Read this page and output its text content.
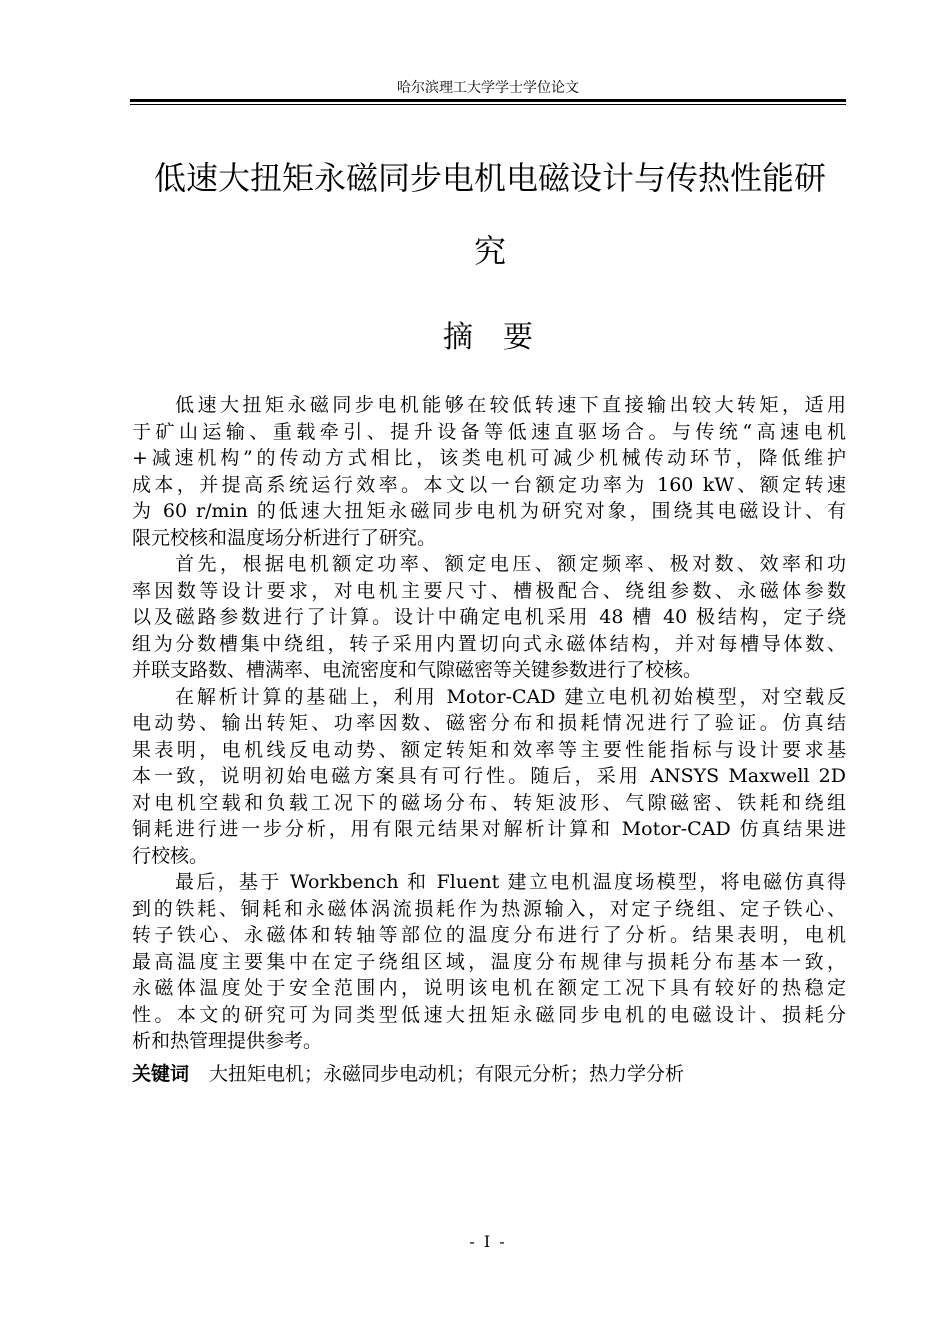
哈尔滨理工大学学士学位论文
低速大扭矩永磁同步电机电磁设计与传热性能研
究
摘要
低速大扭矩永磁同步电机能够在较低转速下直接输出较大转矩，适用
于矿山运输、重载牵引、提升设备等低速直驱场合。与传统“高速电机
+减速机构”的传动方式相比，该类电机可减少机械传动环节，降低维护
成本，并提高系统运行效率。本文以一台额定功率为 160 kW、额定转速
为 60 r/min 的低速大扭矩永磁同步电机为研究对象，围绕其电磁设计、有
限元校核和温度场分析进行了研究。
首先，根据电机额定功率、额定电压、额定频率、极对数、效率和功
率因数等设计要求，对电机主要尺寸、槽极配合、绕组参数、永磁体参数
以及磁路参数进行了计算。设计中确定电机采用 48 槽 40 极结构，定子绕
组为分数槽集中绕组，转子采用内置切向式永磁体结构，并对每槽导体数、
并联支路数、槽满率、电流密度和气隙磁密等关键参数进行了校核。
在解析计算的基础上，利用 Motor-CAD 建立电机初始模型，对空载反
电动势、输出转矩、功率因数、磁密分布和损耗情况进行了验证。仿真结
果表明，电机线反电动势、额定转矩和效率等主要性能指标与设计要求基
本一致，说明初始电磁方案具有可行性。随后，采用 ANSYS Maxwell 2D
对电机空载和负载工况下的磁场分布、转矩波形、气隙磁密、铁耗和绕组
铜耗进行进一步分析，用有限元结果对解析计算和 Motor-CAD 仿真结果进
行校核。
最后，基于 Workbench 和 Fluent 建立电机温度场模型，将电磁仿真得
到的铁耗、铜耗和永磁体涡流损耗作为热源输入，对定子绕组、定子铁心、
转子铁心、永磁体和转轴等部位的温度分布进行了分析。结果表明，电机
最高温度主要集中在定子绕组区域，温度分布规律与损耗分布基本一致，
永磁体温度处于安全范围内，说明该电机在额定工况下具有较好的热稳定
性。本文的研究可为同类型低速大扭矩永磁同步电机的电磁设计、损耗分
析和热管理提供参考。
关键词 大扭矩电机；永磁同步电动机；有限元分析；热力学分析
- I -
